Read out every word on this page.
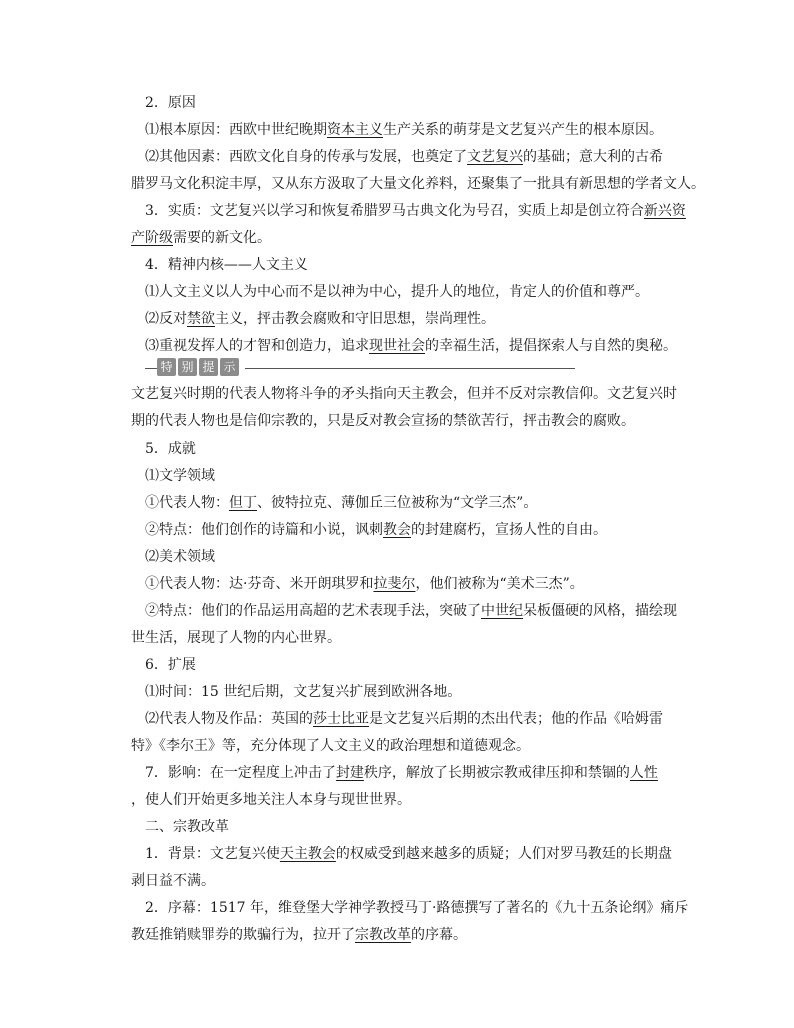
2．原因
⑴根本原因：西欧中世纪晚期资本主义生产关系的萌芽是文艺复兴产生的根本原因。
⑵其他因素：西欧文化自身的传承与发展，也奠定了文艺复兴的基础；意大利的古希
腊罗马文化积淀丰厚，又从东方汲取了大量文化养料，还聚集了一批具有新思想的学者文人。
3．实质：文艺复兴以学习和恢复希腊罗马古典文化为号召，实质上却是创立符合新兴资
产阶级需要的新文化。
4．精神内核——人文主义
⑴人文主义以人为中心而不是以神为中心，提升人的地位，肯定人的价值和尊严。
⑵反对禁欲主义，抨击教会腐败和守旧思想，崇尚理性。
⑶重视发挥人的才智和创造力，追求现世社会的幸福生活，提倡探索人与自然的奥秘。
特 别 提 示
文艺复兴时期的代表人物将斗争的矛头指向天主教会，但并不反对宗教信仰。文艺复兴时
期的代表人物也是信仰宗教的，只是反对教会宣扬的禁欲苦行，抨击教会的腐败。
5．成就
⑴文学领域
①代表人物：但丁、彼特拉克、薄伽丘三位被称为“文学三杰”。
②特点：他们创作的诗篇和小说，讽刺教会的封建腐朽，宣扬人性的自由。
⑵美术领域
①代表人物：达·芬奇、米开朗琪罗和拉斐尔，他们被称为“美术三杰”。
②特点：他们的作品运用高超的艺术表现手法，突破了中世纪呆板僵硬的风格，描绘现
世生活，展现了人物的内心世界。
6．扩展
⑴时间：15 世纪后期，文艺复兴扩展到欧洲各地。
⑵代表人物及作品：英国的莎士比亚是文艺复兴后期的杰出代表；他的作品《哈姆雷
特》《李尔王》等，充分体现了人文主义的政治理想和道德观念。
7．影响：在一定程度上冲击了封建秩序，解放了长期被宗教戒律压抑和禁锢的人性
，使人们开始更多地关注人本身与现世世界。
二、宗教改革
1．背景：文艺复兴使天主教会的权威受到越来越多的质疑；人们对罗马教廷的长期盘
剥日益不满。
2．序幕：1517 年，维登堡大学神学教授马丁·路德撰写了著名的《九十五条论纲》痛斥
教廷推销赎罪券的欺骗行为，拉开了宗教改革的序幕。
